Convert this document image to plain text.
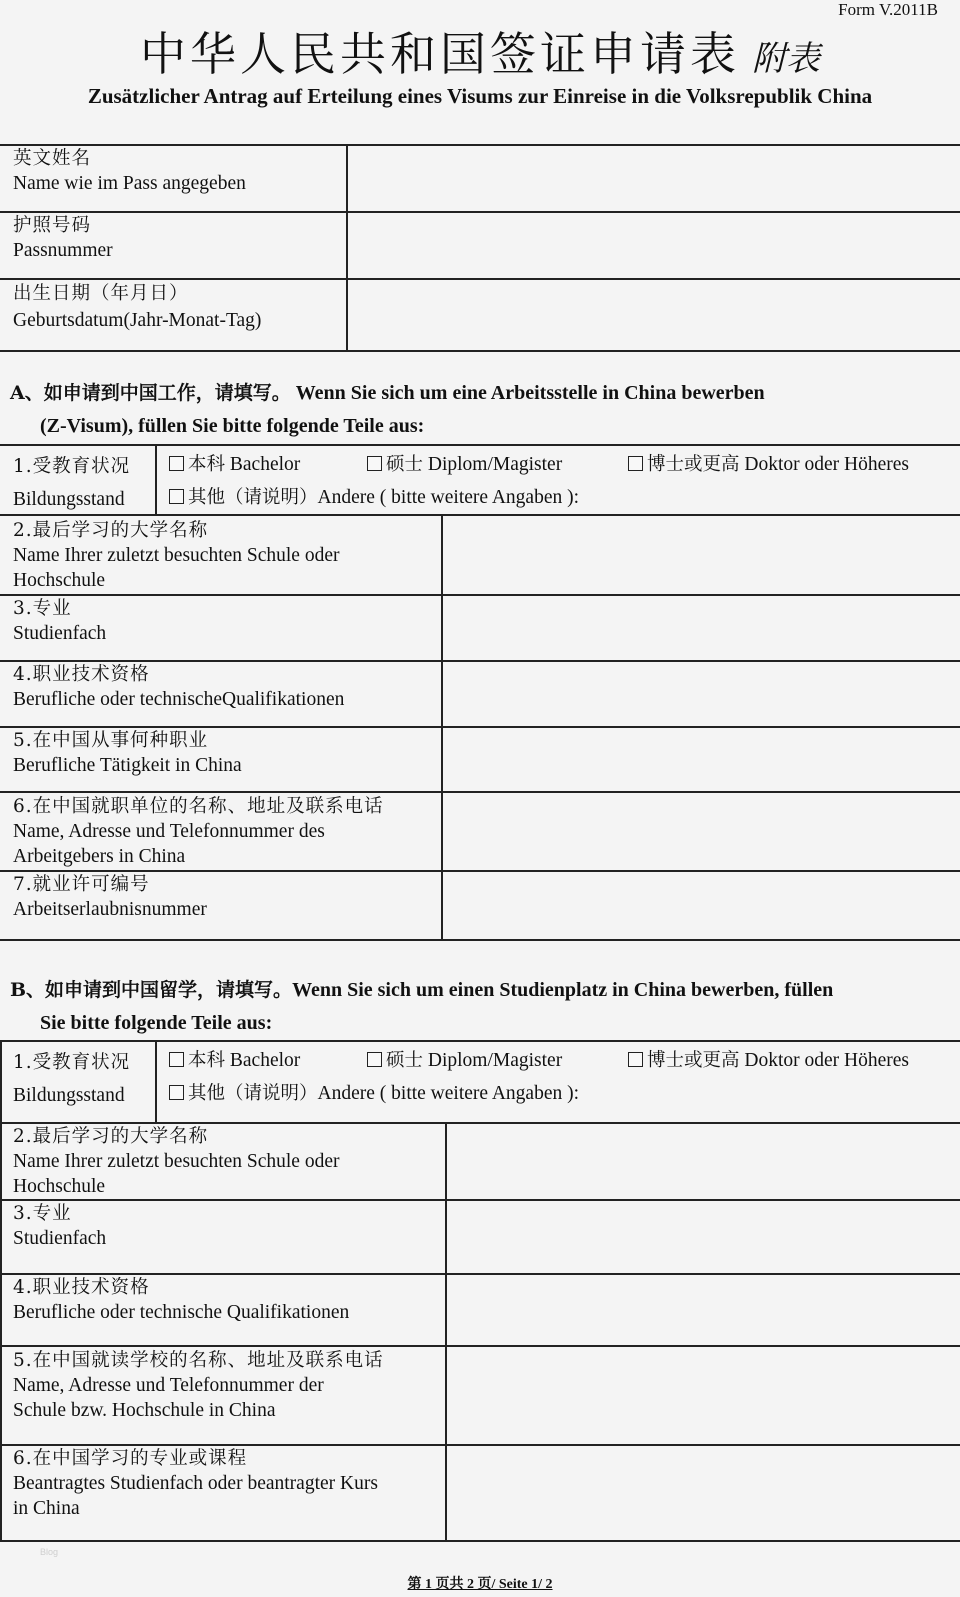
Form V.2011B
中华人民共和国签证申请表 附表
Zusätzlicher Antrag auf Erteilung eines Visums zur Einreise in die Volksrepublik China
英文姓名
Name wie im Pass angegeben
护照号码
Passnummer
出生日期（年月日）
Geburtsdatum(Jahr-Monat-Tag)
A、如申请到中国工作，请填写。 Wenn Sie sich um eine Arbeitsstelle in China bewerben
(Z-Visum), füllen Sie bitte folgende Teile aus:
1.受教育状况
Bildungsstand
本科 Bachelor	硕士 Diplom/Magister	博士或更高 Doktor oder Höheres
其他（请说明）Andere ( bitte weitere Angaben ):
2.最后学习的大学名称
Name Ihrer zuletzt besuchten Schule oder
Hochschule
3.专业
Studienfach
4.职业技术资格
Berufliche oder technischeQualifikationen
5.在中国从事何种职业
Berufliche Tätigkeit in China
6.在中国就职单位的名称、地址及联系电话
Name, Adresse und Telefonnummer des
Arbeitgebers in China
7.就业许可编号
Arbeitserlaubnisnummer
B、如申请到中国留学，请填写。Wenn Sie sich um einen Studienplatz in China bewerben, füllen
Sie bitte folgende Teile aus:
1.受教育状况
Bildungsstand
本科 Bachelor	硕士 Diplom/Magister	博士或更高 Doktor oder Höheres
其他（请说明）Andere ( bitte weitere Angaben ):
2.最后学习的大学名称
Name Ihrer zuletzt besuchten Schule oder
Hochschule
3.专业
Studienfach
4.职业技术资格
Berufliche oder technische Qualifikationen
5.在中国就读学校的名称、地址及联系电话
Name, Adresse und Telefonnummer der
Schule bzw. Hochschule in China
6.在中国学习的专业或课程
Beantragtes Studienfach oder beantragter Kurs
in China
Blog
第 1 页共 2 页/ Seite 1/ 2
